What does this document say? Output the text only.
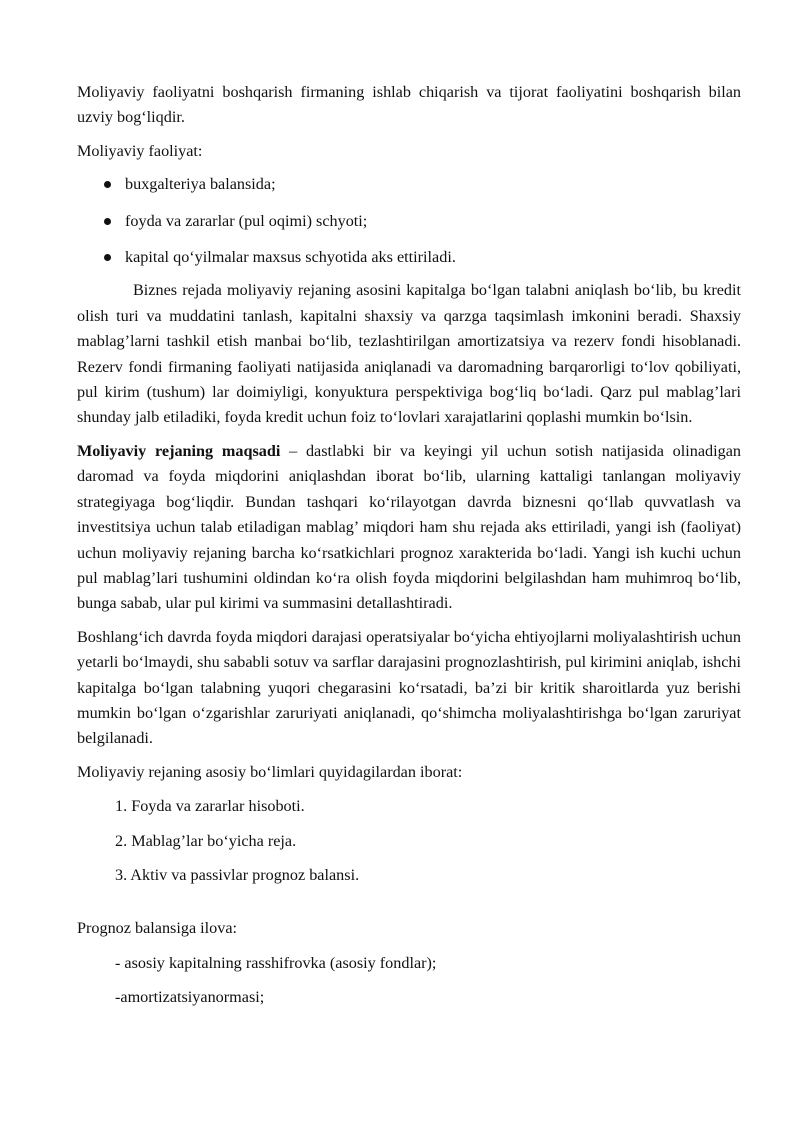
Moliyaviy faoliyatni boshqarish firmaning ishlab chiqarish va tijorat faoliyatini boshqarish bilan uzviy bog‘liqdir.

Moliyaviy faoliyat:

buxgalteriya balansida;
foyda va zararlar (pul oqimi) schyoti;
kapital qo‘yilmalar maxsus schyotida aks ettiriladi.

Biznes rejada moliyaviy rejaning asosini kapitalga bo‘lgan talabni aniqlash bo‘lib, bu kredit olish turi va muddatini tanlash, kapitalni shaxsiy va qarzga taqsimlash imkonini beradi. Shaxsiy mablag’larni tashkil etish manbai bo‘lib, tezlashtirilgan amortizatsiya va rezerv fondi hisoblanadi. Rezerv fondi firmaning faoliyati natijasida aniqlanadi va daromadning barqarorligi to‘lov qobiliyati, pul kirim (tushum) lar doimiyligi, konyuktura perspektiviga bog‘liq bo‘ladi. Qarz pul mablag’lari shunday jalb etiladiki, foyda kredit uchun foiz to‘lovlari xarajatlarini qoplashi mumkin bo‘lsin.

Moliyaviy rejaning maqsadi – dastlabki bir va keyingi yil uchun sotish natijasida olinadigan daromad va foyda miqdorini aniqlashdan iborat bo‘lib, ularning kattaligi tanlangan moliyaviy strategiyaga bog‘liqdir. Bundan tashqari ko‘rilayotgan davrda biznesni qo‘llab quvvatlash va investitsiya uchun talab etiladigan mablag’ miqdori ham shu rejada aks ettiriladi, yangi ish (faoliyat) uchun moliyaviy rejaning barcha ko‘rsatkichlari prognoz xarakterida bo‘ladi. Yangi ish kuchi uchun pul mablag’lari tushumini oldindan ko‘ra olish foyda miqdorini belgilashdan ham muhimroq bo‘lib, bunga sabab, ular pul kirimi va summasini detallashtiradi.

Boshlang‘ich davrda foyda miqdori darajasi operatsiyalar bo‘yicha ehtiyojlarni moliyalashtirish uchun yetarli bo‘lmaydi, shu sababli sotuv va sarflar darajasini prognozlashtirish, pul kirimini aniqlab, ishchi kapitalga bo‘lgan talabning yuqori chegarasini ko‘rsatadi, ba’zi bir kritik sharoitlarda yuz berishi mumkin bo‘lgan o‘zgarishlar zaruriyati aniqlanadi, qo‘shimcha moliyalashtirishga bo‘lgan zaruriyat belgilanadi.

Moliyaviy rejaning asosiy bo‘limlari quyidagilardan iborat:

1. Foyda va zararlar hisoboti.
2. Mablag’lar bo‘yicha reja.
3. Aktiv va passivlar prognoz balansi.

Prognoz balansiga ilova:

- asosiy kapitalning rasshifrovka (asosiy fondlar);
-amortizatsiyanormasi;
